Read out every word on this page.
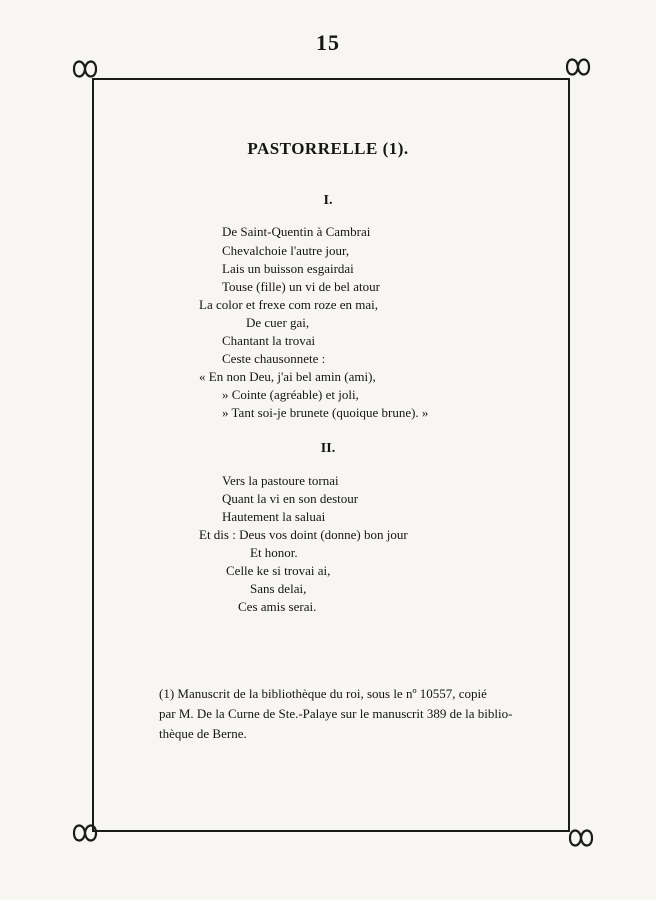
15
PASTORRELLE (1).
I.
De Saint-Quentin à Cambrai
Chevalchoie l'autre jour,
Lais un buisson esgairdai
Touse (fille) un vi de bel atour
La color et frexe com roze en mai,
De cuer gai,
Chantant la trovai
Ceste chausonnete :
« En non Deu, j'ai bel amin (ami),
» Cointe (agréable) et joli,
» Tant soi-je brunete (quoique brune). »
II.
Vers la pastoure tornai
Quant la vi en son destour
Hautement la saluai
Et dis : Deus vos doint (donne) bon jour
Et honor.
Celle ke si trovai ai,
Sans delai,
Ces amis serai.
(1) Manuscrit de la bibliothèque du roi, sous le nº 10557, copié
par M. De la Curne de Ste.-Palaye sur le manuscrit 389 de la biblio-
thèque de Berne.
